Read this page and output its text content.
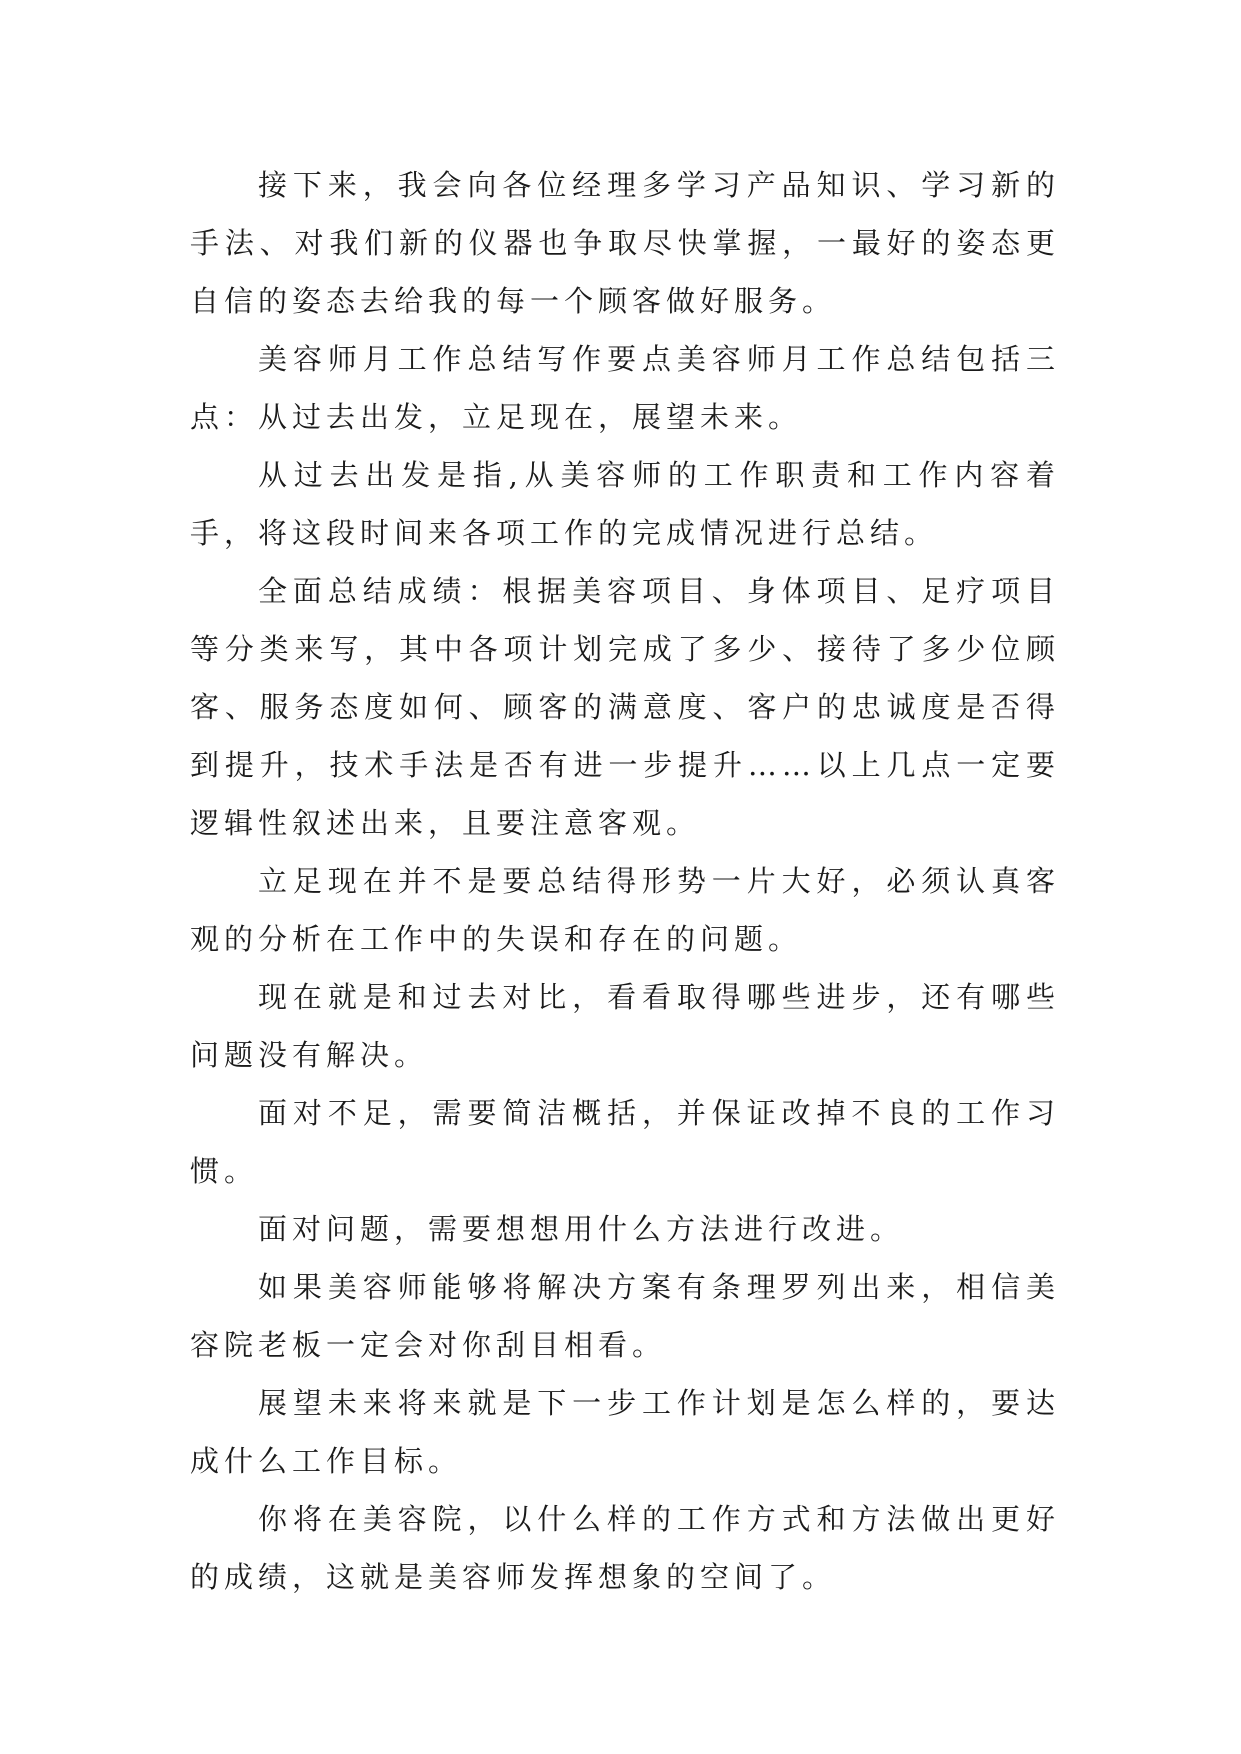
接下来，我会向各位经理多学习产品知识、学习新的手法、对我们新的仪器也争取尽快掌握，一最好的姿态更自信的姿态去给我的每一个顾客做好服务。

美容师月工作总结写作要点美容师月工作总结包括三点：从过去出发，立足现在，展望未来。

从过去出发是指,从美容师的工作职责和工作内容着手，将这段时间来各项工作的完成情况进行总结。

全面总结成绩：根据美容项目、身体项目、足疗项目等分类来写，其中各项计划完成了多少、接待了多少位顾客、服务态度如何、顾客的满意度、客户的忠诚度是否得到提升，技术手法是否有进一步提升……以上几点一定要逻辑性叙述出来，且要注意客观。

立足现在并不是要总结得形势一片大好，必须认真客观的分析在工作中的失误和存在的问题。

现在就是和过去对比，看看取得哪些进步，还有哪些问题没有解决。

面对不足，需要简洁概括，并保证改掉不良的工作习惯。

面对问题，需要想想用什么方法进行改进。

如果美容师能够将解决方案有条理罗列出来，相信美容院老板一定会对你刮目相看。

展望未来将来就是下一步工作计划是怎么样的，要达成什么工作目标。

你将在美容院，以什么样的工作方式和方法做出更好的成绩，这就是美容师发挥想象的空间了。
